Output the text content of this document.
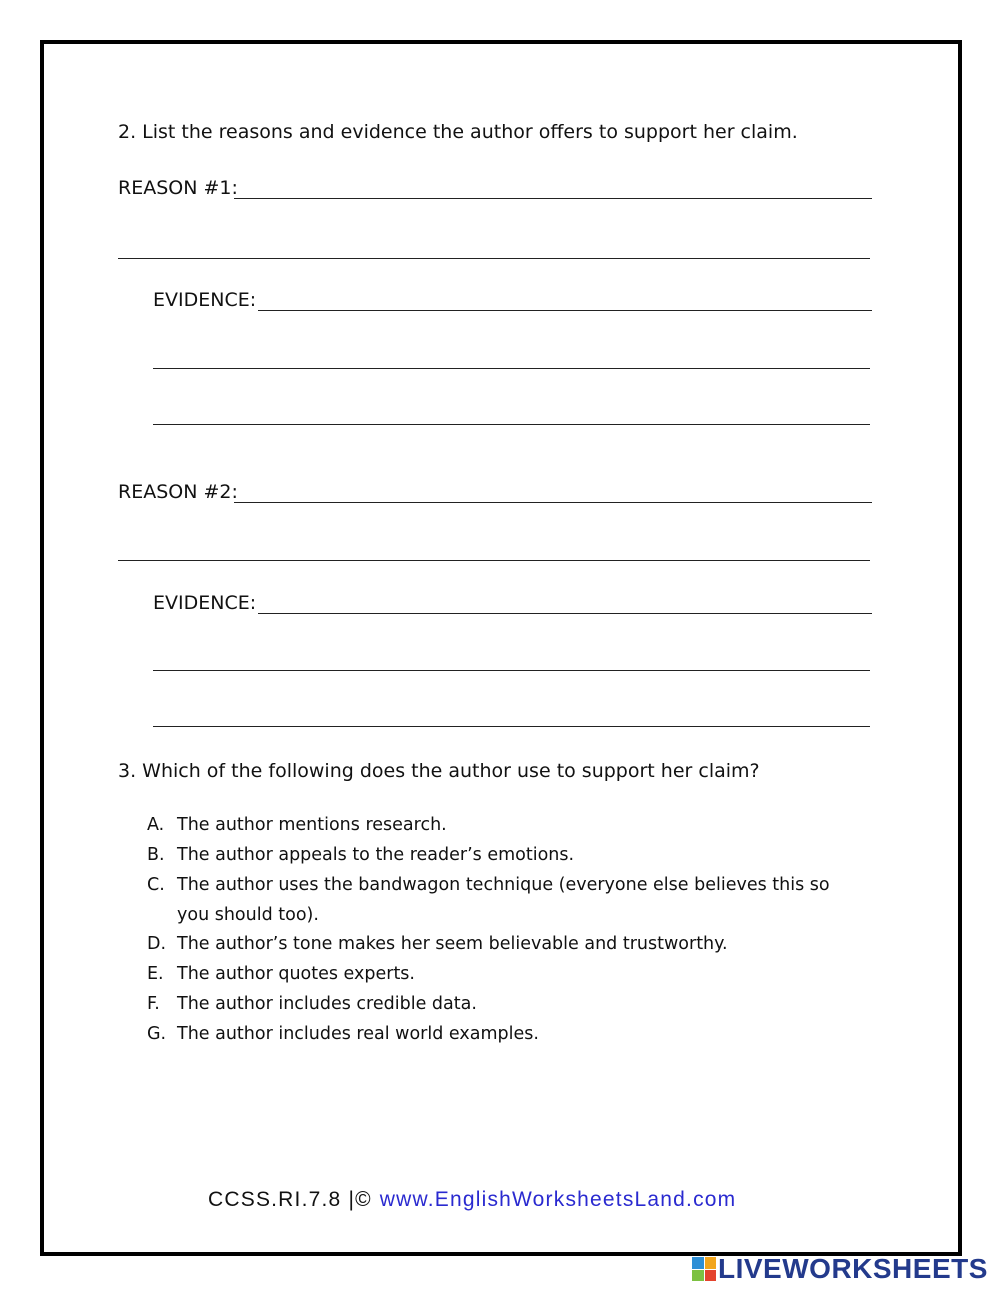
2. List the reasons and evidence the author offers to support her claim.
REASON #1:
EVIDENCE:
REASON #2:
EVIDENCE:
3. Which of the following does the author use to support her claim?
A. The author mentions research.
B. The author appeals to the reader’s emotions.
C. The author uses the bandwagon technique (everyone else believes this so you should too).
D. The author’s tone makes her seem believable and trustworthy.
E. The author quotes experts.
F. The author includes credible data.
G. The author includes real world examples.
CCSS.RI.7.8 |© www.EnglishWorksheetsLand.com
LIVEWORKSHEETS
